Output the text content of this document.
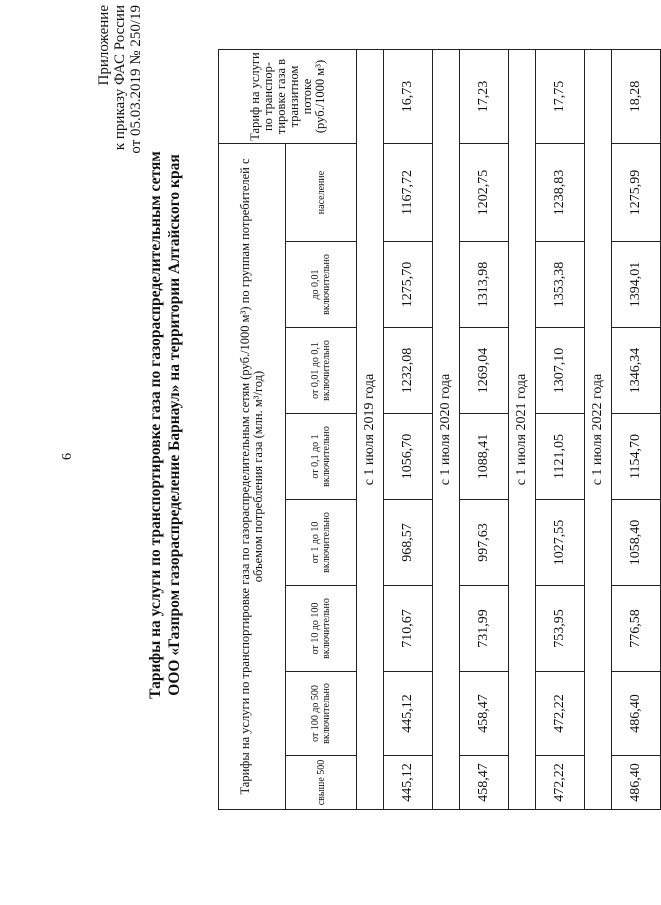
6
Приложение к приказу ФАС России от 05.03.2019 № 250/19
Тарифы на услуги по транспортировке газа по газораспределительным сетям ООО «Газпром газораспределение Барнаул» на территории Алтайского края	Тарифы на услуги по транспортировке газа по газораспределительным сетям (руб./1000 м³) по группам потребителей с объемом потребления газа (млн. м³/год)								Тариф на услуги по транспор-тировке газа в транзитном потоке (руб./1000 м³)
свыше 500	от 100 до 500 включительно	от 10 до 100 включительно	от 1 до 10 включительно	от 0,1 до 1 включительно	от 0,01 до 0,1 включительно	до 0,01 включительно	население	
с 1 июля 2019 года								
445,12	445,12	710,67	968,57	1056,70	1232,08	1275,70	1167,72	16,73
с 1 июля 2020 года								
458,47	458,47	731,99	997,63	1088,41	1269,04	1313,98	1202,75	17,23
с 1 июля 2021 года								
472,22	472,22	753,95	1027,55	1121,05	1307,10	1353,38	1238,83	17,75
с 1 июля 2022 года								
486,40	486,40	776,58	1058,40	1154,70	1346,34	1394,01	1275,99	18,28
